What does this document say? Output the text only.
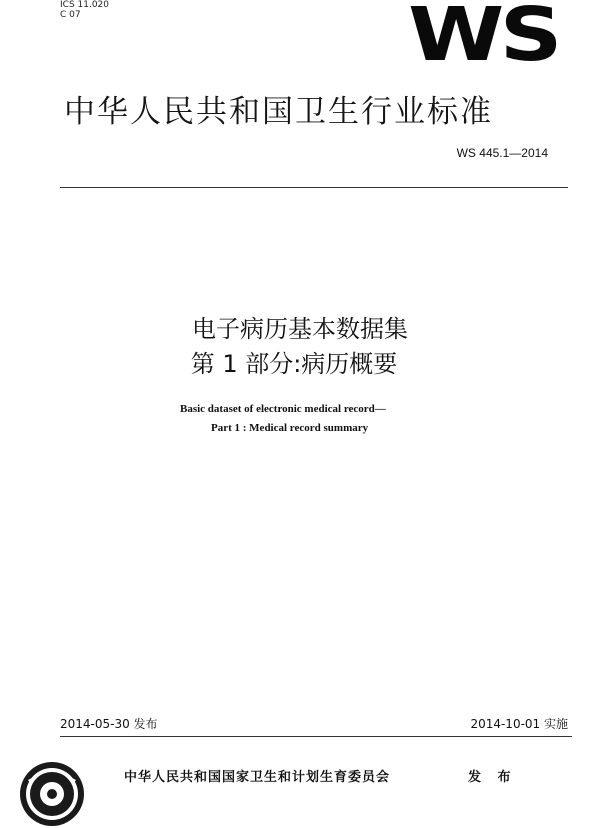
ICS 11.020
C 07	WS
中华人民共和国卫生行业标准
WS 445.1—2014
电子病历基本数据集
第 1 部分:病历概要
Basic dataset of electronic medical record—
Part 1 : Medical record summary
2014-05-30 发布	2014-10-01 实施
中华人民共和国国家卫生和计划生育委员会	发 布
